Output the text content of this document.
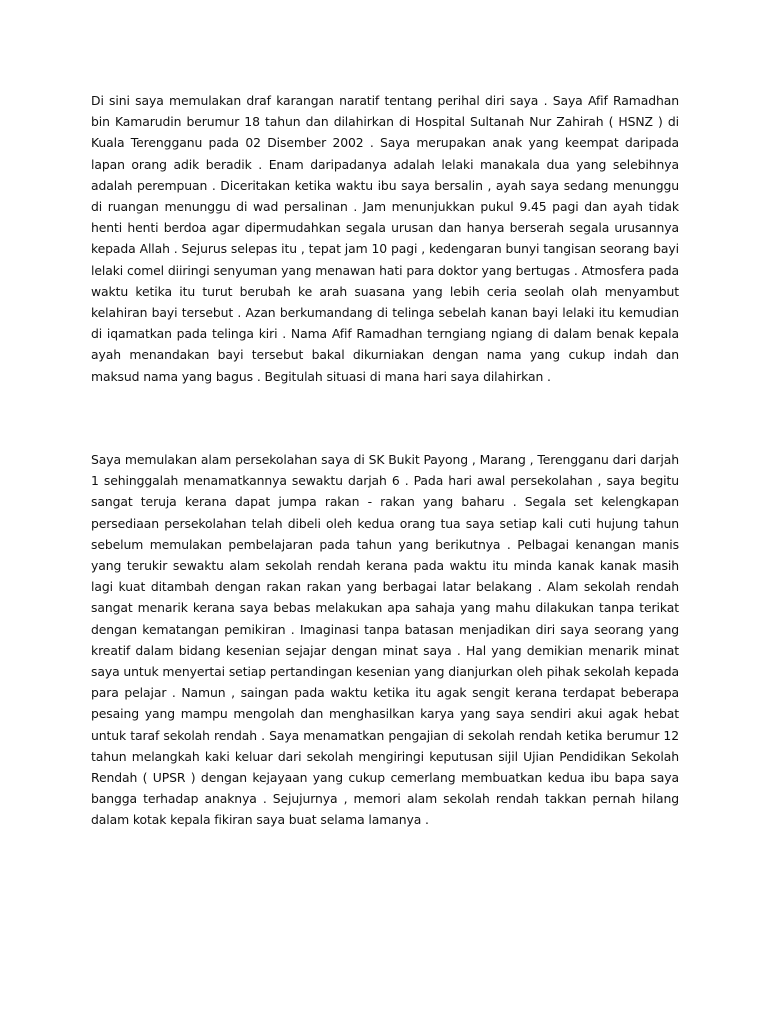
Di sini saya memulakan draf karangan naratif tentang perihal diri saya . Saya Afif Ramadhan bin Kamarudin berumur 18 tahun dan dilahirkan di Hospital Sultanah Nur Zahirah ( HSNZ ) di Kuala Terengganu pada 02 Disember 2002 . Saya merupakan anak yang keempat daripada lapan orang adik beradik . Enam daripadanya adalah lelaki manakala dua yang selebihnya adalah perempuan . Diceritakan ketika waktu ibu saya bersalin , ayah saya sedang menunggu di ruangan menunggu di wad persalinan . Jam menunjukkan pukul 9.45 pagi dan ayah tidak henti henti berdoa agar dipermudahkan segala urusan dan hanya berserah segala urusannya kepada Allah . Sejurus selepas itu , tepat jam 10 pagi , kedengaran bunyi tangisan seorang bayi lelaki comel diiringi senyuman yang menawan hati para doktor yang bertugas . Atmosfera pada waktu ketika itu turut berubah ke arah suasana yang lebih ceria seolah olah menyambut kelahiran bayi tersebut . Azan berkumandang di telinga sebelah kanan bayi lelaki itu kemudian di iqamatkan pada telinga kiri . Nama Afif Ramadhan terngiang ngiang di dalam benak kepala ayah menandakan bayi tersebut bakal dikurniakan dengan nama yang cukup indah dan maksud nama yang bagus . Begitulah situasi di mana hari saya dilahirkan .

Saya memulakan alam persekolahan saya di SK Bukit Payong , Marang , Terengganu dari darjah 1 sehinggalah menamatkannya sewaktu darjah 6 . Pada hari awal persekolahan , saya begitu sangat teruja kerana dapat jumpa rakan - rakan yang baharu . Segala set kelengkapan persediaan persekolahan telah dibeli oleh kedua orang tua saya setiap kali cuti hujung tahun sebelum memulakan pembelajaran pada tahun yang berikutnya . Pelbagai kenangan manis yang terukir sewaktu alam sekolah rendah kerana pada waktu itu minda kanak kanak masih lagi kuat ditambah dengan rakan rakan yang berbagai latar belakang . Alam sekolah rendah sangat menarik kerana saya bebas melakukan apa sahaja yang mahu dilakukan tanpa terikat dengan kematangan pemikiran . Imaginasi tanpa batasan menjadikan diri saya seorang yang kreatif dalam bidang kesenian sejajar dengan minat saya . Hal yang demikian menarik minat saya untuk menyertai setiap pertandingan kesenian yang dianjurkan oleh pihak sekolah kepada para pelajar . Namun , saingan pada waktu ketika itu agak sengit kerana terdapat beberapa pesaing yang mampu mengolah dan menghasilkan karya yang saya sendiri akui agak hebat untuk taraf sekolah rendah . Saya menamatkan pengajian di sekolah rendah ketika berumur 12 tahun melangkah kaki keluar dari sekolah mengiringi keputusan sijil Ujian Pendidikan Sekolah Rendah ( UPSR ) dengan kejayaan yang cukup cemerlang membuatkan kedua ibu bapa saya bangga terhadap anaknya . Sejujurnya , memori alam sekolah rendah takkan pernah hilang dalam kotak kepala fikiran saya buat selama lamanya .
